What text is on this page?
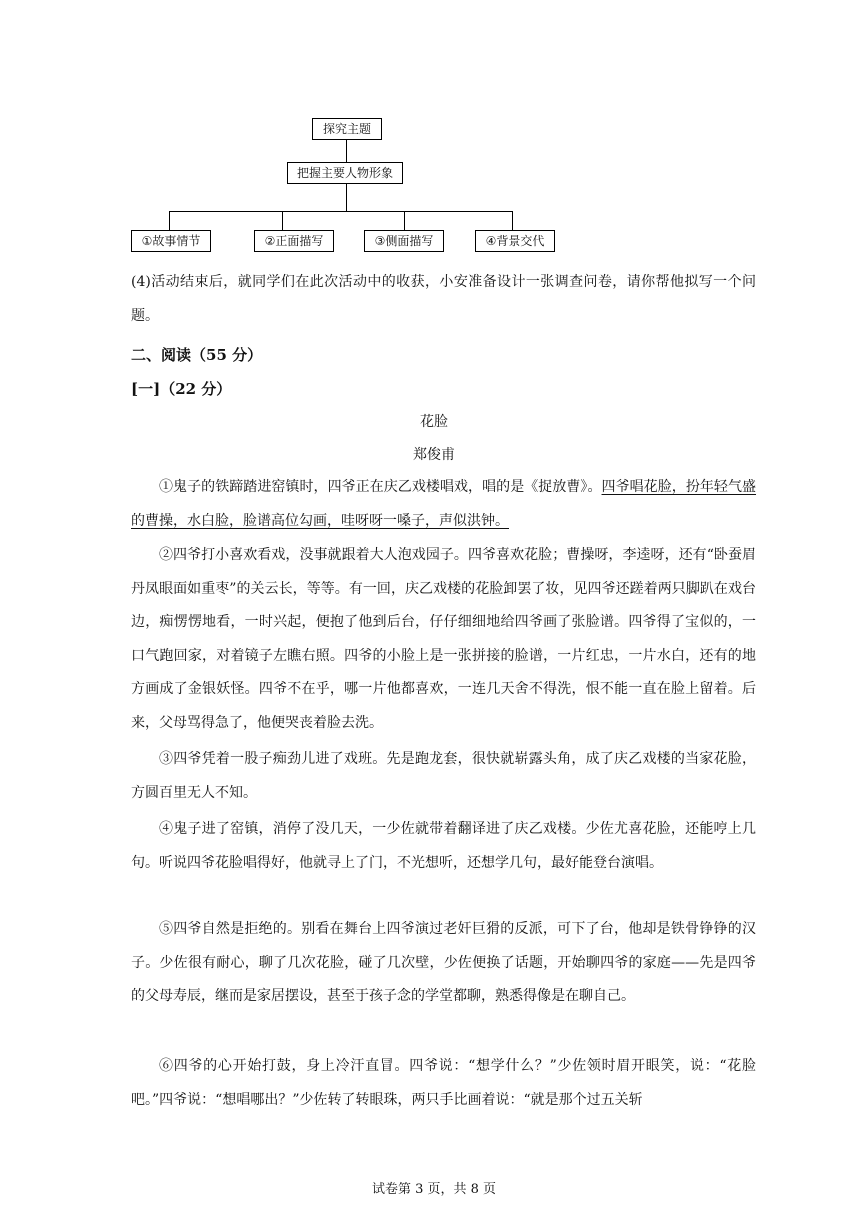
探究主题
把握主要人物形象
①故事情节	②正面描写	③侧面描写	④背景交代

(4)活动结束后，就同学们在此次活动中的收获，小安准备设计一张调查问卷，请你帮他拟写一个问题。

二、阅读（55 分）

[一]（22 分）

花脸

郑俊甫

①鬼子的铁蹄踏进窑镇时，四爷正在庆乙戏楼唱戏，唱的是《捉放曹》。四爷唱花脸，扮年轻气盛的曹操，水白脸，脸谱高位勾画，哇呀呀一嗓子，声似洪钟。

②四爷打小喜欢看戏，没事就跟着大人泡戏园子。四爷喜欢花脸；曹操呀，李逵呀，还有“卧蚕眉丹凤眼面如重枣”的关云长，等等。有一回，庆乙戏楼的花脸卸罢了妆，见四爷还蹉着两只脚趴在戏台边，痴愣愣地看，一时兴起，便抱了他到后台，仔仔细细地给四爷画了张脸谱。四爷得了宝似的，一口气跑回家，对着镜子左瞧右照。四爷的小脸上是一张拼接的脸谱，一片红忠，一片水白，还有的地方画成了金银妖怪。四爷不在乎，哪一片他都喜欢，一连几天舍不得洗，恨不能一直在脸上留着。后来，父母骂得急了，他便哭丧着脸去洗。

③四爷凭着一股子痴劲儿进了戏班。先是跑龙套，很快就崭露头角，成了庆乙戏楼的当家花脸，方圆百里无人不知。

④鬼子进了窑镇，消停了没几天，一少佐就带着翻译进了庆乙戏楼。少佐尤喜花脸，还能哼上几句。听说四爷花脸唱得好，他就寻上了门，不光想听，还想学几句，最好能登台演唱。

⑤四爷自然是拒绝的。别看在舞台上四爷演过老奸巨猾的反派，可下了台，他却是铁骨铮铮的汉子。少佐很有耐心，聊了几次花脸，碰了几次壁，少佐便换了话题，开始聊四爷的家庭——先是四爷的父母寿辰，继而是家居摆设，甚至于孩子念的学堂都聊，熟悉得像是在聊自己。

⑥四爷的心开始打鼓，身上冷汗直冒。四爷说：“想学什么？”少佐领时眉开眼笑，说：“花脸吧。”四爷说：“想唱哪出？”少佐转了转眼珠，两只手比画着说：“就是那个过五关斩

试卷第 3 页，共 8 页
